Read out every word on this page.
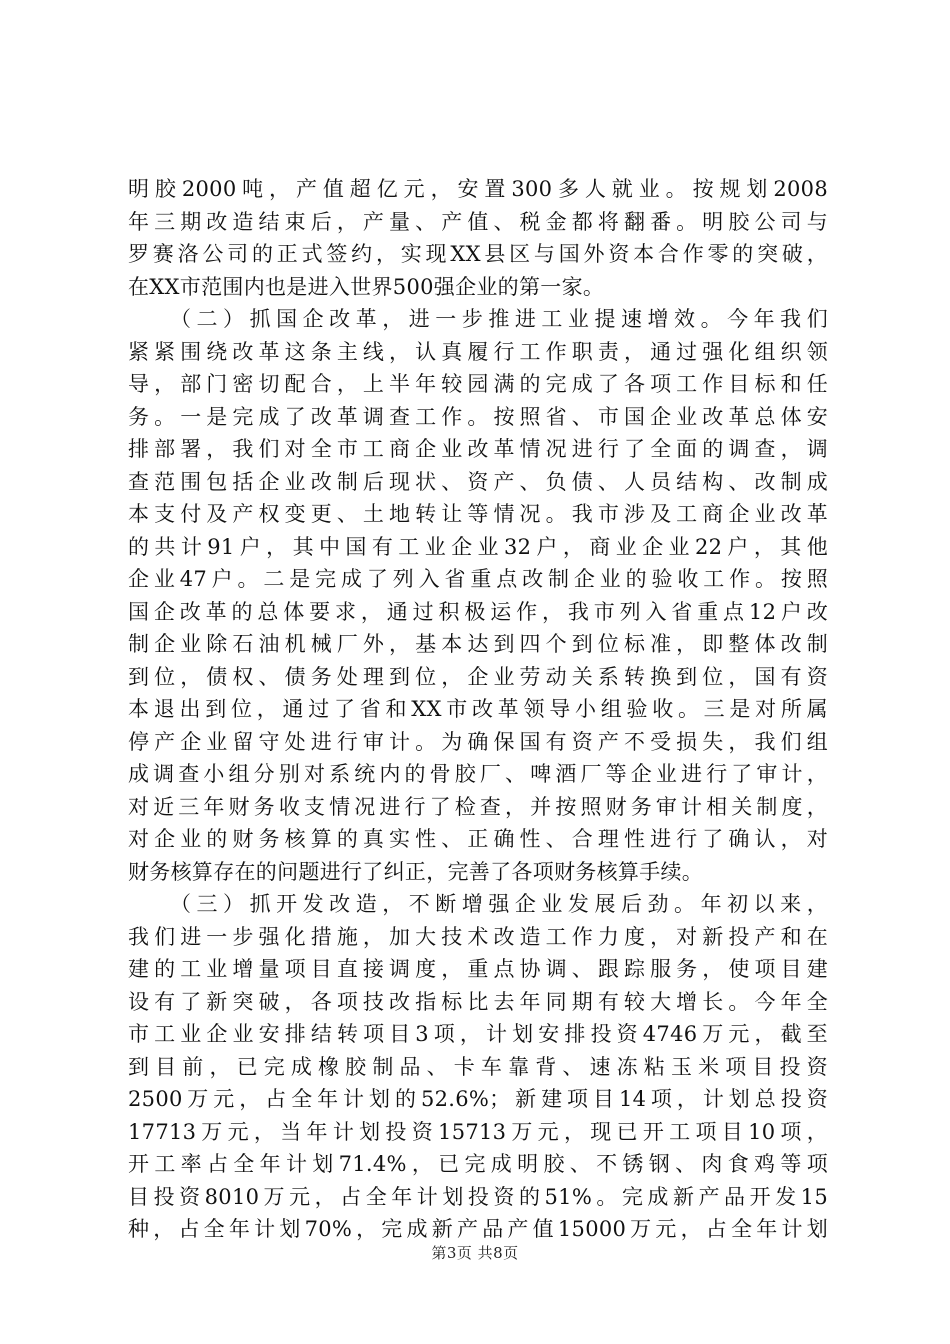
明胶2000吨，产值超亿元，安置300多人就业。按规划2008
年三期改造结束后，产量、产值、税金都将翻番。明胶公司与
罗赛洛公司的正式签约，实现XX县区与国外资本合作零的突破，
在XX市范围内也是进入世界500强企业的第一家。
（二）抓国企改革，进一步推进工业提速增效。今年我们
紧紧围绕改革这条主线，认真履行工作职责，通过强化组织领
导，部门密切配合，上半年较园满的完成了各项工作目标和任
务。一是完成了改革调查工作。按照省、市国企业改革总体安
排部署，我们对全市工商企业改革情况进行了全面的调查，调
查范围包括企业改制后现状、资产、负债、人员结构、改制成
本支付及产权变更、土地转让等情况。我市涉及工商企业改革
的共计91户，其中国有工业企业32户，商业企业22户，其他
企业47户。二是完成了列入省重点改制企业的验收工作。按照
国企改革的总体要求，通过积极运作，我市列入省重点12户改
制企业除石油机械厂外，基本达到四个到位标准，即整体改制
到位，债权、债务处理到位，企业劳动关系转换到位，国有资
本退出到位，通过了省和XX市改革领导小组验收。三是对所属
停产企业留守处进行审计。为确保国有资产不受损失，我们组
成调查小组分别对系统内的骨胶厂、啤酒厂等企业进行了审计，
对近三年财务收支情况进行了检查，并按照财务审计相关制度，
对企业的财务核算的真实性、正确性、合理性进行了确认，对
财务核算存在的问题进行了纠正，完善了各项财务核算手续。
（三）抓开发改造，不断增强企业发展后劲。年初以来，
我们进一步强化措施，加大技术改造工作力度，对新投产和在
建的工业增量项目直接调度，重点协调、跟踪服务，使项目建
设有了新突破，各项技改指标比去年同期有较大增长。今年全
市工业企业安排结转项目3项，计划安排投资4746万元，截至
到目前，已完成橡胶制品、卡车靠背、速冻粘玉米项目投资
2500万元，占全年计划的52.6%；新建项目14项，计划总投资
17713万元，当年计划投资15713万元，现已开工项目10项，
开工率占全年计划71.4%，已完成明胶、不锈钢、肉食鸡等项
目投资8010万元，占全年计划投资的51%。完成新产品开发15
种，占全年计划70%，完成新产品产值15000万元，占全年计划
第3页 共8页
